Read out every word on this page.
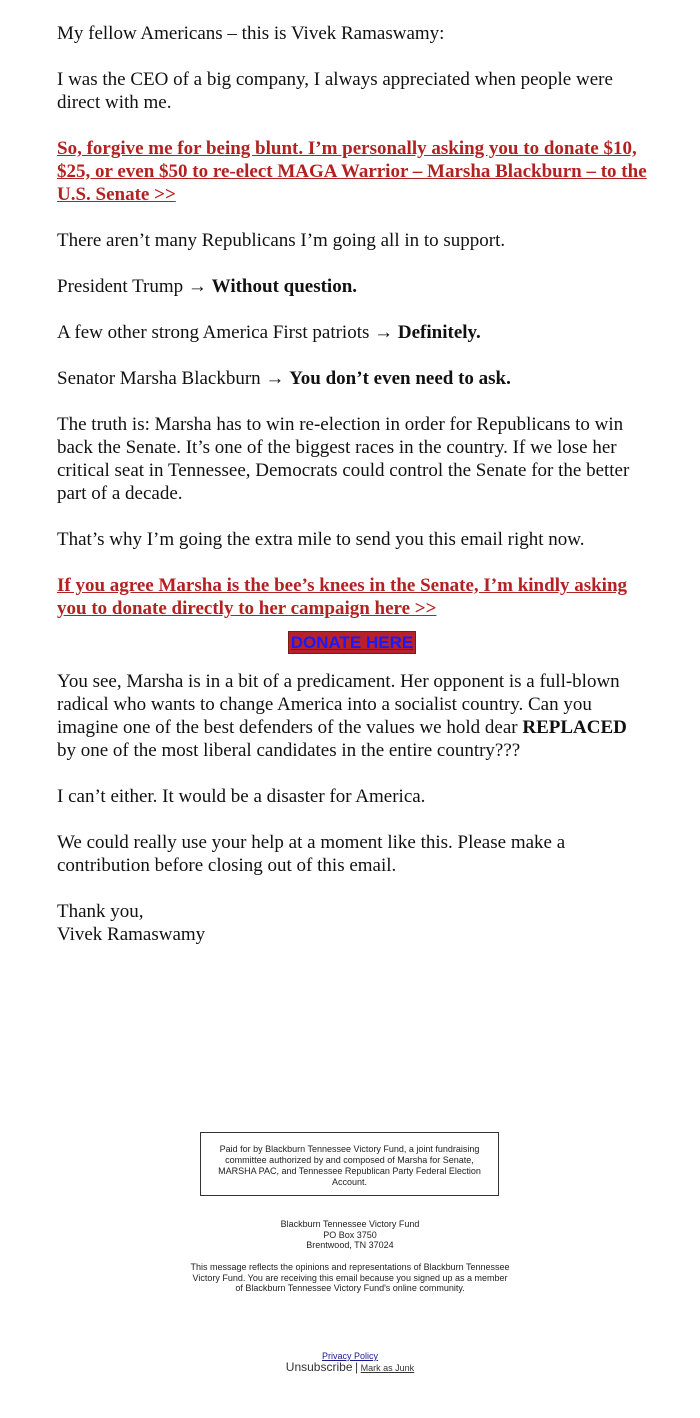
My fellow Americans – this is Vivek Ramaswamy:

I was the CEO of a big company, I always appreciated when people were direct with me.

So, forgive me for being blunt. I’m personally asking you to donate $10, $25, or even $50 to re-elect MAGA Warrior – Marsha Blackburn – to the U.S. Senate >>

There aren’t many Republicans I’m going all in to support.

President Trump → Without question.

A few other strong America First patriots → Definitely.

Senator Marsha Blackburn → You don’t even need to ask.

The truth is: Marsha has to win re-election in order for Republicans to win back the Senate. It’s one of the biggest races in the country. If we lose her critical seat in Tennessee, Democrats could control the Senate for the better part of a decade.

That’s why I’m going the extra mile to send you this email right now.

If you agree Marsha is the bee’s knees in the Senate, I’m kindly asking you to donate directly to her campaign here >>

DONATE HERE

You see, Marsha is in a bit of a predicament. Her opponent is a full-blown radical who wants to change America into a socialist country. Can you imagine one of the best defenders of the values we hold dear REPLACED by one of the most liberal candidates in the entire country???

I can’t either. It would be a disaster for America.

We could really use your help at a moment like this. Please make a contribution before closing out of this email.

Thank you,

Vivek Ramaswamy

Paid for by Blackburn Tennessee Victory Fund, a joint fundraising committee authorized by and composed of Marsha for Senate, MARSHA PAC, and Tennessee Republican Party Federal Election Account.
Blackburn Tennessee Victory Fund
PO Box 3750
Brentwood, TN 37024
This message reflects the opinions and representations of Blackburn Tennessee Victory Fund. You are receiving this email because you signed up as a member of Blackburn Tennessee Victory Fund's online community.
Privacy Policy
Unsubscribe | Mark as Junk
